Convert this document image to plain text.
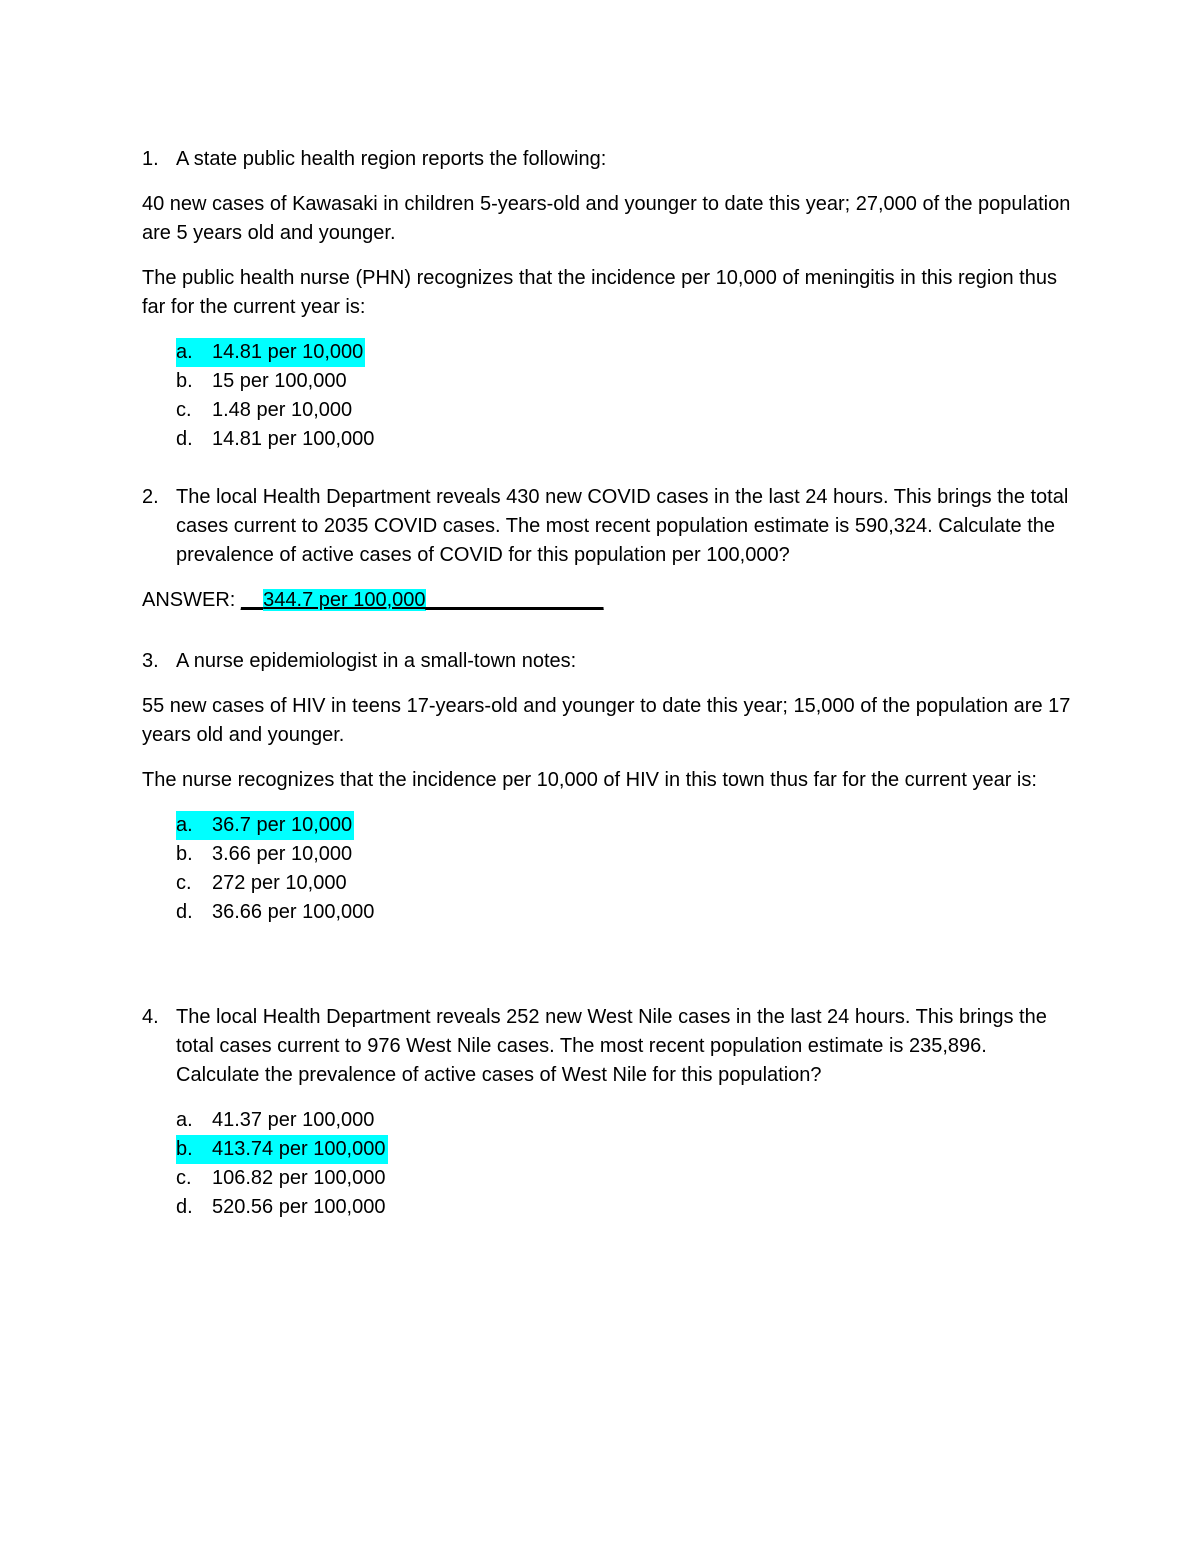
1. A state public health region reports the following:

40 new cases of Kawasaki in children 5-years-old and younger to date this year; 27,000 of the population are 5 years old and younger.

The public health nurse (PHN) recognizes that the incidence per 10,000 of meningitis in this region thus far for the current year is:

a. 14.81 per 10,000
b. 15 per 100,000
c. 1.48 per 10,000
d. 14.81 per 100,000
2. The local Health Department reveals 430 new COVID cases in the last 24 hours. This brings the total cases current to 2035 COVID cases. The most recent population estimate is 590,324. Calculate the prevalence of active cases of COVID for this population per 100,000?

ANSWER: __344.7 per 100,000________________

3. A nurse epidemiologist in a small-town notes:

55 new cases of HIV in teens 17-years-old and younger to date this year; 15,000 of the population are 17 years old and younger.

The nurse recognizes that the incidence per 10,000 of HIV in this town thus far for the current year is:

a. 36.7 per 10,000
b. 3.66 per 10,000
c. 272 per 10,000
d. 36.66 per 100,000
4. The local Health Department reveals 252 new West Nile cases in the last 24 hours. This brings the total cases current to 976 West Nile cases. The most recent population estimate is 235,896. Calculate the prevalence of active cases of West Nile for this population?

a. 41.37 per 100,000
b. 413.74 per 100,000
c. 106.82 per 100,000
d. 520.56 per 100,000
